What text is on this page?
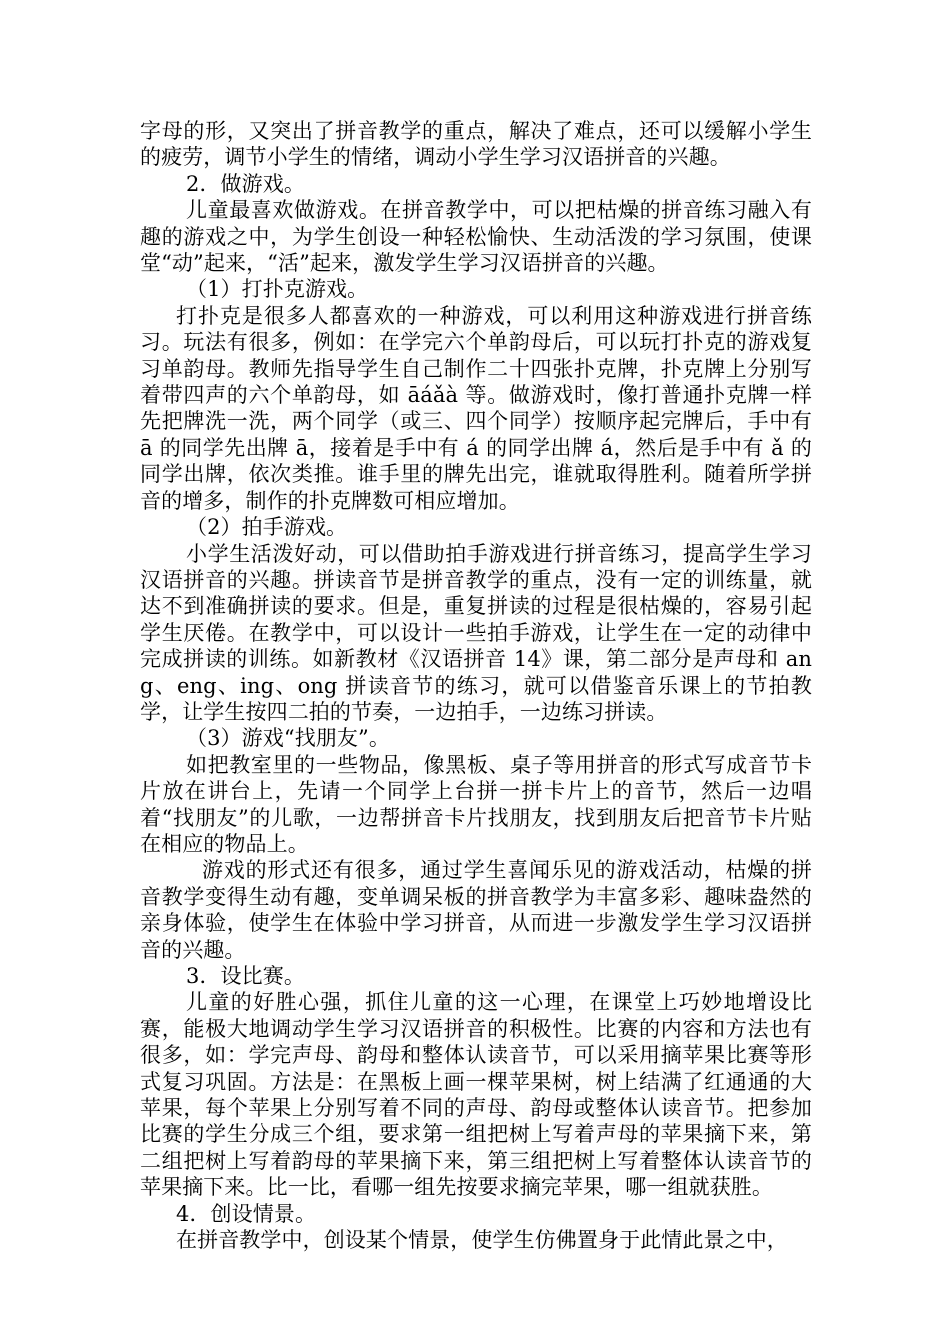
字母的形，又突出了拼音教学的重点，解决了难点，还可以缓解小学生的疲劳，调节小学生的情绪，调动小学生学习汉语拼音的兴趣。

2．做游戏。

儿童最喜欢做游戏。在拼音教学中，可以把枯燥的拼音练习融入有趣的游戏之中，为学生创设一种轻松愉快、生动活泼的学习氛围，使课堂“动”起来，“活”起来，激发学生学习汉语拼音的兴趣。

（1）打扑克游戏。

打扑克是很多人都喜欢的一种游戏，可以利用这种游戏进行拼音练习。玩法有很多，例如：在学完六个单韵母后，可以玩打扑克的游戏复习单韵母。教师先指导学生自己制作二十四张扑克牌，扑克牌上分别写着带四声的六个单韵母，如 āáǎà 等。做游戏时，像打普通扑克牌一样先把牌洗一洗，两个同学（或三、四个同学）按顺序起完牌后，手中有 ā 的同学先出牌 ā，接着是手中有 á 的同学出牌 á，然后是手中有 ǎ 的同学出牌，依次类推。谁手里的牌先出完，谁就取得胜利。随着所学拼音的增多，制作的扑克牌数可相应增加。

（2）拍手游戏。

小学生活泼好动，可以借助拍手游戏进行拼音练习，提高学生学习汉语拼音的兴趣。拼读音节是拼音教学的重点，没有一定的训练量，就达不到准确拼读的要求。但是，重复拼读的过程是很枯燥的，容易引起学生厌倦。在教学中，可以设计一些拍手游戏，让学生在一定的动律中完成拼读的训练。如新教材《汉语拼音 14》课，第二部分是声母和 ang、eng、ing、ong 拼读音节的练习，就可以借鉴音乐课上的节拍教学，让学生按四二拍的节奏，一边拍手，一边练习拼读。

（3）游戏“找朋友”。

如把教室里的一些物品，像黑板、桌子等用拼音的形式写成音节卡片放在讲台上，先请一个同学上台拼一拼卡片上的音节，然后一边唱着“找朋友”的儿歌，一边帮拼音卡片找朋友，找到朋友后把音节卡片贴在相应的物品上。

游戏的形式还有很多，通过学生喜闻乐见的游戏活动，枯燥的拼音教学变得生动有趣，变单调呆板的拼音教学为丰富多彩、趣味盎然的亲身体验，使学生在体验中学习拼音，从而进一步激发学生学习汉语拼音的兴趣。

3．设比赛。

儿童的好胜心强，抓住儿童的这一心理，在课堂上巧妙地增设比赛，能极大地调动学生学习汉语拼音的积极性。比赛的内容和方法也有很多，如：学完声母、韵母和整体认读音节，可以采用摘苹果比赛等形式复习巩固。方法是：在黑板上画一棵苹果树，树上结满了红通通的大苹果，每个苹果上分别写着不同的声母、韵母或整体认读音节。把参加比赛的学生分成三个组，要求第一组把树上写着声母的苹果摘下来，第二组把树上写着韵母的苹果摘下来，第三组把树上写着整体认读音节的苹果摘下来。比一比，看哪一组先按要求摘完苹果，哪一组就获胜。

4．创设情景。

在拼音教学中，创设某个情景，使学生仿佛置身于此情此景之中，
